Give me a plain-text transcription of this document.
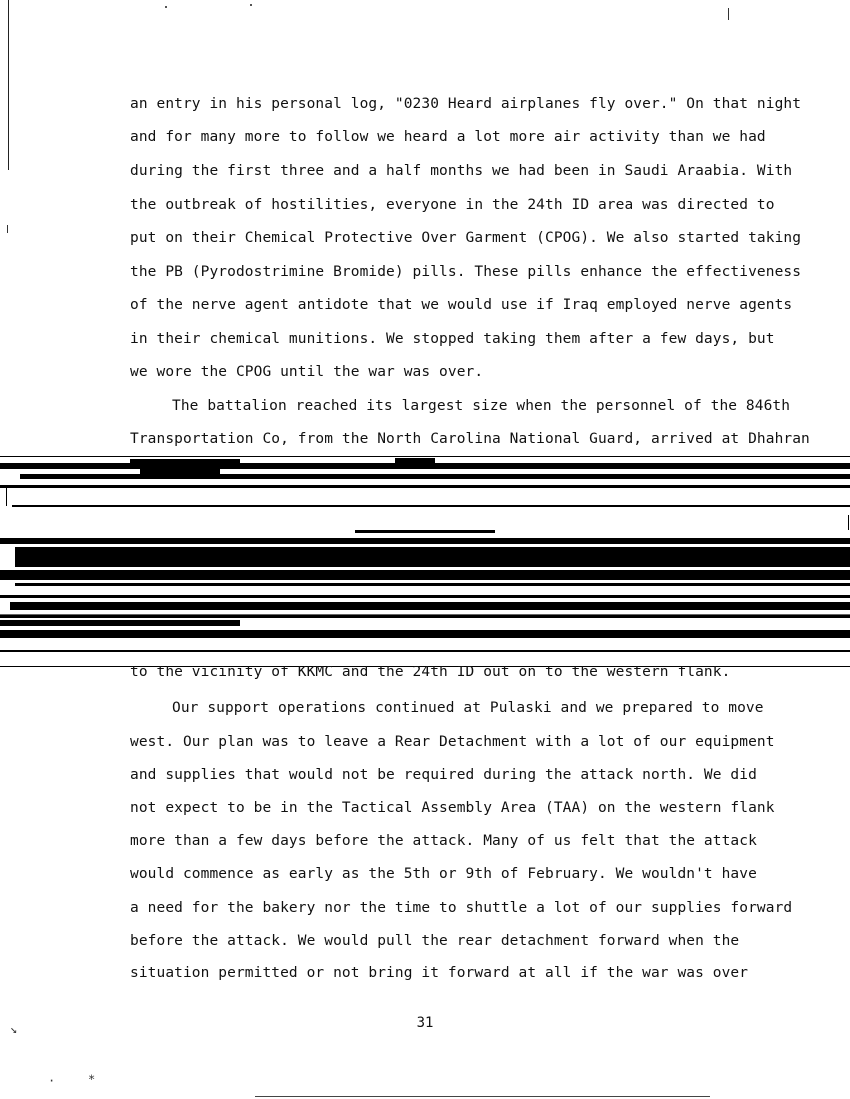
an entry in his personal log, "0230 Heard airplanes fly over." On that night
and for many more to follow we heard a lot more air activity than we had
during the first three and a half months we had been in Saudi Araabia. With
the outbreak of hostilities, everyone in the 24th ID area was directed to
put on their Chemical Protective Over Garment (CPOG). We also started taking
the PB (Pyrodostrimine Bromide) pills. These pills enhance the effectiveness
of the nerve agent antidote that we would use if Iraq employed nerve agents
in their chemical munitions. We stopped taking them after a few days, but
we wore the CPOG until the war was over.
The battalion reached its largest size when the personnel of the 846th
Transportation Co, from the North Carolina National Guard, arrived at Dhahran
to the vicinity of KKMC and the 24th ID out on to the western flank.
Our support operations continued at Pulaski and we prepared to move
west. Our plan was to leave a Rear Detachment with a lot of our equipment
and supplies that would not be required during the attack north. We did
not expect to be in the Tactical Assembly Area (TAA) on the western flank
more than a few days before the attack. Many of us felt that the attack
would commence as early as the 5th or 9th of February. We wouldn't have
a need for the bakery nor the time to shuttle a lot of our supplies forward
before the attack. We would pull the rear detachment forward when the
situation permitted or not bring it forward at all if the war was over
31
↘
·	∗
